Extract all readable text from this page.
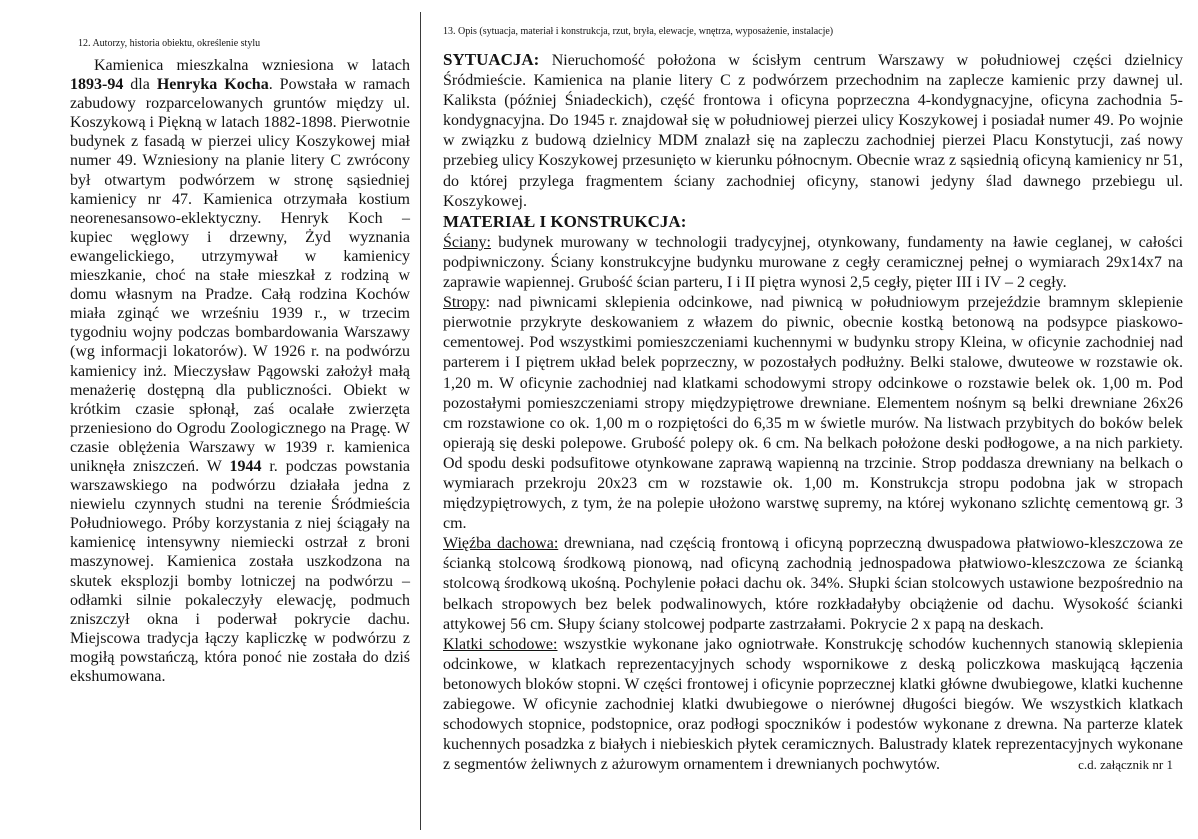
12. Autorzy, historia obiektu, określenie stylu

Kamienica mieszkalna wzniesiona w latach 1893-94 dla Henryka Kocha. Powstała w ramach zabudowy rozparcelowanych gruntów między ul. Koszykową i Piękną w latach 1882-1898. Pierwotnie budynek z fasadą w pierzei ulicy Koszykowej miał numer 49. Wzniesiony na planie litery C zwrócony był otwartym podwórzem w stronę sąsiedniej kamienicy nr 47. Kamienica otrzymała kostium neorenesansowo-eklektyczny. Henryk Koch – kupiec węglowy i drzewny, Żyd wyznania ewangelickiego, utrzymywał w kamienicy mieszkanie, choć na stałe mieszkał z rodziną w domu własnym na Pradze. Całą rodzina Kochów miała zginąć we wrześniu 1939 r., w trzecim tygodniu wojny podczas bombardowania Warszawy (wg informacji lokatorów). W 1926 r. na podwórzu kamienicy inż. Mieczysław Pągowski założył małą menażerię dostępną dla publiczności. Obiekt w krótkim czasie spłonął, zaś ocalałe zwierzęta przeniesiono do Ogrodu Zoologicznego na Pragę. W czasie oblężenia Warszawy w 1939 r. kamienica uniknęła zniszczeń. W 1944 r. podczas powstania warszawskiego na podwórzu działała jedna z niewielu czynnych studni na terenie Śródmieścia Południowego. Próby korzystania z niej ściągały na kamienicę intensywny niemiecki ostrzał z broni maszynowej. Kamienica została uszkodzona na skutek eksplozji bomby lotniczej na podwórzu – odłamki silnie pokaleczyły elewację, podmuch zniszczył okna i poderwał pokrycie dachu. Miejscowa tradycja łączy kapliczkę w podwórzu z mogiłą powstańczą, która ponoć nie została do dziś ekshumowana.

13. Opis (sytuacja, materiał i konstrukcja, rzut, bryła, elewacje, wnętrza, wyposażenie, instalacje)

SYTUACJA: Nieruchomość położona w ścisłym centrum Warszawy w południowej części dzielnicy Śródmieście. Kamienica na planie litery C z podwórzem przechodnim na zaplecze kamienic przy dawnej ul. Kaliksta (później Śniadeckich), część frontowa i oficyna poprzeczna 4-kondygnacyjne, oficyna zachodnia 5-kondygnacyjna. Do 1945 r. znajdował się w południowej pierzei ulicy Koszykowej i posiadał numer 49. Po wojnie w związku z budową dzielnicy MDM znalazł się na zapleczu zachodniej pierzei Placu Konstytucji, zaś nowy przebieg ulicy Koszykowej przesunięto w kierunku północnym. Obecnie wraz z sąsiednią oficyną kamienicy nr 51, do której przylega fragmentem ściany zachodniej oficyny, stanowi jedyny ślad dawnego przebiegu ul. Koszykowej.

MATERIAŁ I KONSTRUKCJA:

Ściany: budynek murowany w technologii tradycyjnej, otynkowany, fundamenty na ławie ceglanej, w całości podpiwniczony. Ściany konstrukcyjne budynku murowane z cegły ceramicznej pełnej o wymiarach 29x14x7 na zaprawie wapiennej. Grubość ścian parteru, I i II piętra wynosi 2,5 cegły, pięter III i IV – 2 cegły.

Stropy: nad piwnicami sklepienia odcinkowe, nad piwnicą w południowym przejeździe bramnym sklepienie pierwotnie przykryte deskowaniem z włazem do piwnic, obecnie kostką betonową na podsypce piaskowo-cementowej. Pod wszystkimi pomieszczeniami kuchennymi w budynku stropy Kleina, w oficynie zachodniej nad parterem i I piętrem układ belek poprzeczny, w pozostałych podłużny. Belki stalowe, dwuteowe w rozstawie ok. 1,20 m. W oficynie zachodniej nad klatkami schodowymi stropy odcinkowe o rozstawie belek ok. 1,00 m. Pod pozostałymi pomieszczeniami stropy międzypiętrowe drewniane. Elementem nośnym są belki drewniane 26x26 cm rozstawione co ok. 1,00 m o rozpiętości do 6,35 m w świetle murów. Na listwach przybitych do boków belek opierają się deski polepowe. Grubość polepy ok. 6 cm. Na belkach położone deski podłogowe, a na nich parkiety. Od spodu deski podsufitowe otynkowane zaprawą wapienną na trzcinie. Strop poddasza drewniany na belkach o wymiarach przekroju 20x23 cm w rozstawie ok. 1,00 m. Konstrukcja stropu podobna jak w stropach międzypiętrowych, z tym, że na polepie ułożono warstwę supremy, na której wykonano szlichtę cementową gr. 3 cm.

Więźba dachowa: drewniana, nad częścią frontową i oficyną poprzeczną dwuspadowa płatwiowo-kleszczowa ze ścianką stolcową środkową pionową, nad oficyną zachodnią jednospadowa płatwiowo-kleszczowa ze ścianką stolcową środkową ukośną. Pochylenie połaci dachu ok. 34%. Słupki ścian stolcowych ustawione bezpośrednio na belkach stropowych bez belek podwalinowych, które rozkładałyby obciążenie od dachu. Wysokość ścianki attykowej 56 cm. Słupy ściany stolcowej podparte zastrzałami. Pokrycie 2 x papą na deskach.

Klatki schodowe: wszystkie wykonane jako ogniotrwałe. Konstrukcję schodów kuchennych stanowią sklepienia odcinkowe, w klatkach reprezentacyjnych schody wspornikowe z deską policzkowa maskującą łączenia betonowych bloków stopni. W części frontowej i oficynie poprzecznej klatki główne dwubiegowe, klatki kuchenne zabiegowe. W oficynie zachodniej klatki dwubiegowe o nierównej długości biegów. We wszystkich klatkach schodowych stopnice, podstopnice, oraz podłogi spoczników i podestów wykonane z drewna. Na parterze klatek kuchennych posadzka z białych i niebieskich płytek ceramicznych. Balustrady klatek reprezentacyjnych wykonane z segmentów żeliwnych z ażurowym ornamentem i drewnianych pochwytów.	c.d. załącznik nr 1
